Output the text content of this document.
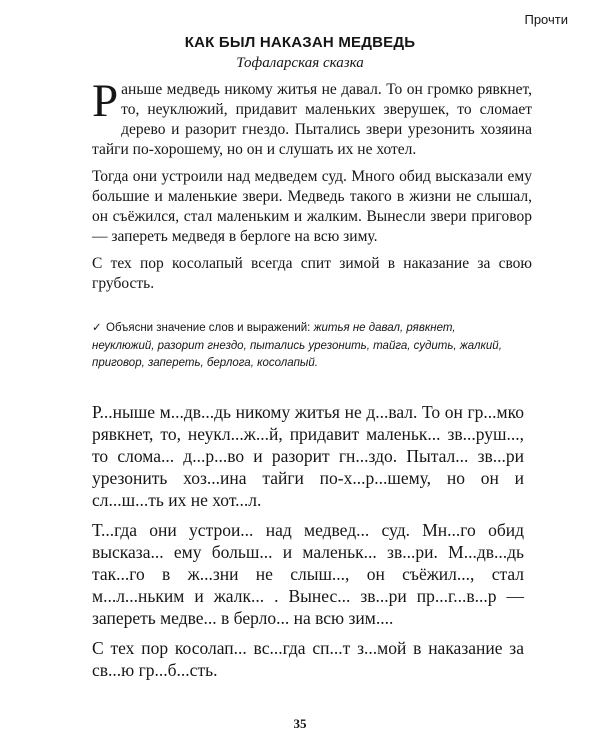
Прочти
КАК БЫЛ НАКАЗАН МЕДВЕДЬ
Тофаларская сказка

Раньше медведь никому житья не давал. То он громко рявкнет, то, неуклюжий, придавит маленьких зверушек, то сломает дерево и разорит гнездо. Пытались звери урезонить хозяина тайги по-хорошему, но он и слушать их не хотел.

Тогда они устроили над медведем суд. Много обид высказали ему большие и маленькие звери. Медведь такого в жизни не слышал, он съёжился, стал маленьким и жалким. Вынесли звери приговор — запереть медведя в берлоге на всю зиму.

С тех пор косолапый всегда спит зимой в наказание за свою грубость.

✓ Объясни значение слов и выражений: житья не давал, рявкнет, неуклюжий, разорит гнездо, пытались урезонить, тайга, судить, жалкий, приговор, запереть, берлога, косолапый.

Р...ныше м...дв...дь никому житья не д...вал. То он гр...мко рявкнет, то, неукл...ж...й, придавит маленьк... зв...руш..., то слома... д...р...во и разорит гн...здо. Пытал... зв...ри урезонить хоз...ина тайги по-х...р...шему, но он и сл...ш...ть их не хот...л.

Т...гда они устрои... над медвед... суд. Мн...го обид высказа... ему больш... и маленьк... зв...ри. М...дв...дь так...го в ж...зни не слыш..., он съёжил..., стал м...л...ньким и жалк... . Вынес... зв...ри пр...г...в...р — запереть медве... в берло... на всю зим....

С тех пор косолап... вс...гда сп...т з...мой в наказание за св...ю гр...б...сть.

35
